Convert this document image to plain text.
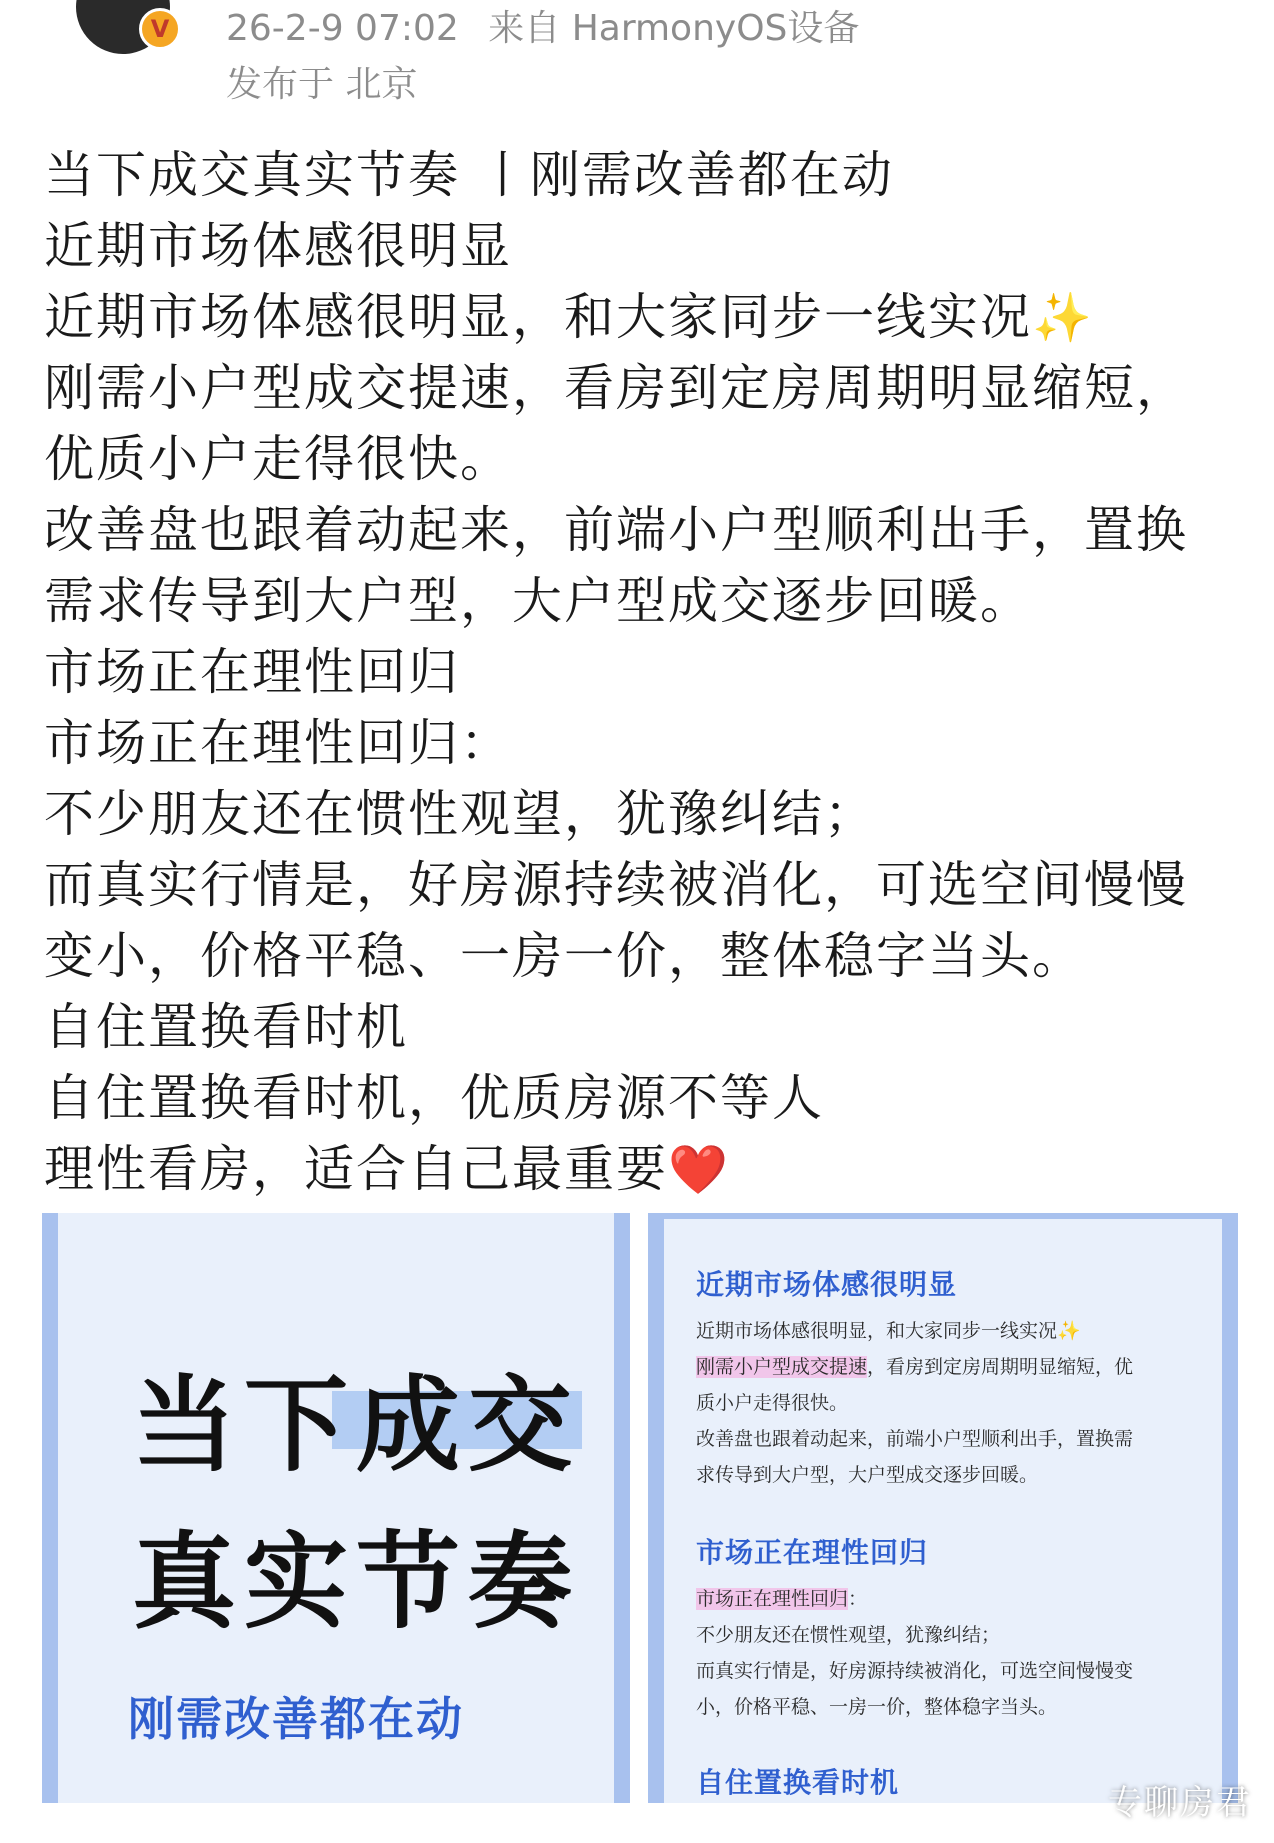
V	26-2-9 07:02 来自 HarmonyOS设备
发布于 北京
当下成交真实节奏 丨刚需改善都在动
近期市场体感很明显
近期市场体感很明显，和大家同步一线实况✨
刚需小户型成交提速，看房到定房周期明显缩短，
优质小户走得很快。
改善盘也跟着动起来，前端小户型顺利出手，置换
需求传导到大户型，大户型成交逐步回暖。
市场正在理性回归
市场正在理性回归：
不少朋友还在惯性观望，犹豫纠结；
而真实行情是，好房源持续被消化，可选空间慢慢
变小，价格平稳、一房一价，整体稳字当头。
自住置换看时机
自住置换看时机，优质房源不等人
理性看房，适合自己最重要❤️
当下成交
真实节奏
刚需改善都在动
近期市场体感很明显
近期市场体感很明显，和大家同步一线实况✨
刚需小户型成交提速，看房到定房周期明显缩短，优
质小户走得很快。
改善盘也跟着动起来，前端小户型顺利出手，置换需
求传导到大户型，大户型成交逐步回暖。
市场正在理性回归
市场正在理性回归：
不少朋友还在惯性观望，犹豫纠结；
而真实行情是，好房源持续被消化，可选空间慢慢变
小，价格平稳、一房一价，整体稳字当头。
自住置换看时机
专聊房君
